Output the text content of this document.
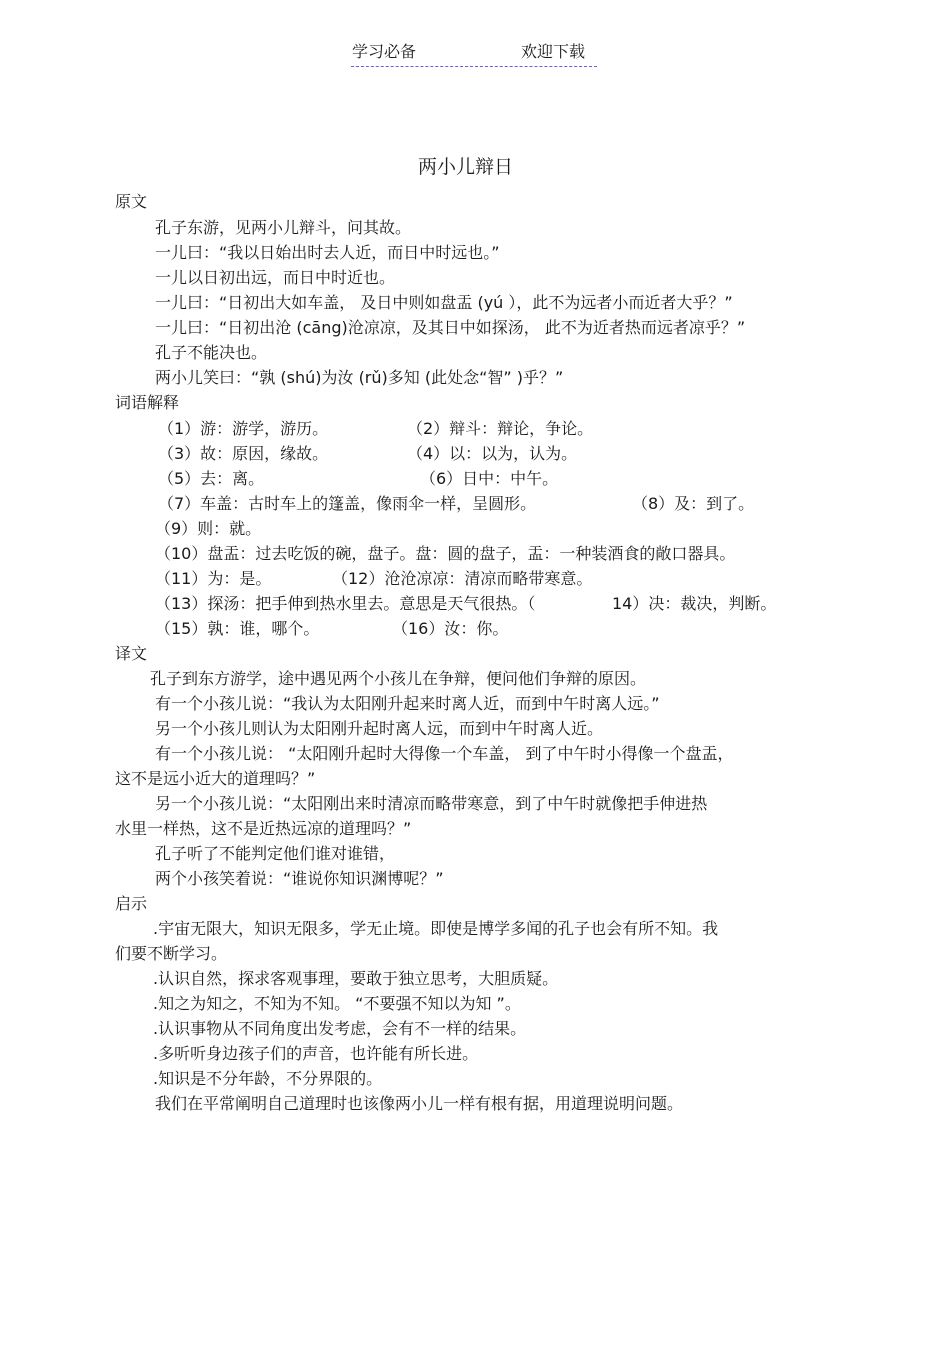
学习必备	欢迎下载
两小儿辩日
原文
孔子东游，见两小儿辩斗，问其故。
一儿曰：“我以日始出时去人近，而日中时远也。”
一儿以日初出远，而日中时近也。
一儿曰：“日初出大如车盖， 及日中则如盘盂 (yú ），此不为远者小而近者大乎？”
一儿曰：“日初出沧 (cāng)沧凉凉，及其日中如探汤， 此不为近者热而远者凉乎？”
孔子不能决也。
两小儿笑曰：“孰 (shú)为汝 (rǔ)多知 (此处念“智” )乎？”
词语解释
（1）游：游学，游历。	（2）辩斗：辩论，争论。
（3）故：原因，缘故。	（4）以：以为，认为。
（5）去：离。	（6）日中：中午。
（7）车盖：古时车上的篷盖，像雨伞一样，呈圆形。	（8）及：到了。
（9）则：就。
（10）盘盂：过去吃饭的碗，盘子。盘：圆的盘子，盂：一种装酒食的敞口器具。
（11）为：是。	（12）沧沧凉凉：清凉而略带寒意。
（13）探汤：把手伸到热水里去。意思是天气很热。（	14）决：裁决，判断。
（15）孰：谁，哪个。	（16）汝：你。
译文
孔子到东方游学，途中遇见两个小孩儿在争辩，便问他们争辩的原因。
有一个小孩儿说：“我认为太阳刚升起来时离人近，而到中午时离人远。”
另一个小孩儿则认为太阳刚升起时离人远，而到中午时离人近。
有一个小孩儿说： “太阳刚升起时大得像一个车盖， 到了中午时小得像一个盘盂，
这不是远小近大的道理吗？”
另一个小孩儿说：“太阳刚出来时清凉而略带寒意，到了中午时就像把手伸进热
水里一样热，这不是近热远凉的道理吗？”
孔子听了不能判定他们谁对谁错，
两个小孩笑着说：“谁说你知识渊博呢？”
启示
.宇宙无限大，知识无限多，学无止境。即使是博学多闻的孔子也会有所不知。我
们要不断学习。
.认识自然，探求客观事理，要敢于独立思考，大胆质疑。
.知之为知之，不知为不知。 “不要强不知以为知 ”。
.认识事物从不同角度出发考虑，会有不一样的结果。
.多听听身边孩子们的声音，也许能有所长进。
.知识是不分年龄，不分界限的。
我们在平常阐明自己道理时也该像两小儿一样有根有据，用道理说明问题。
